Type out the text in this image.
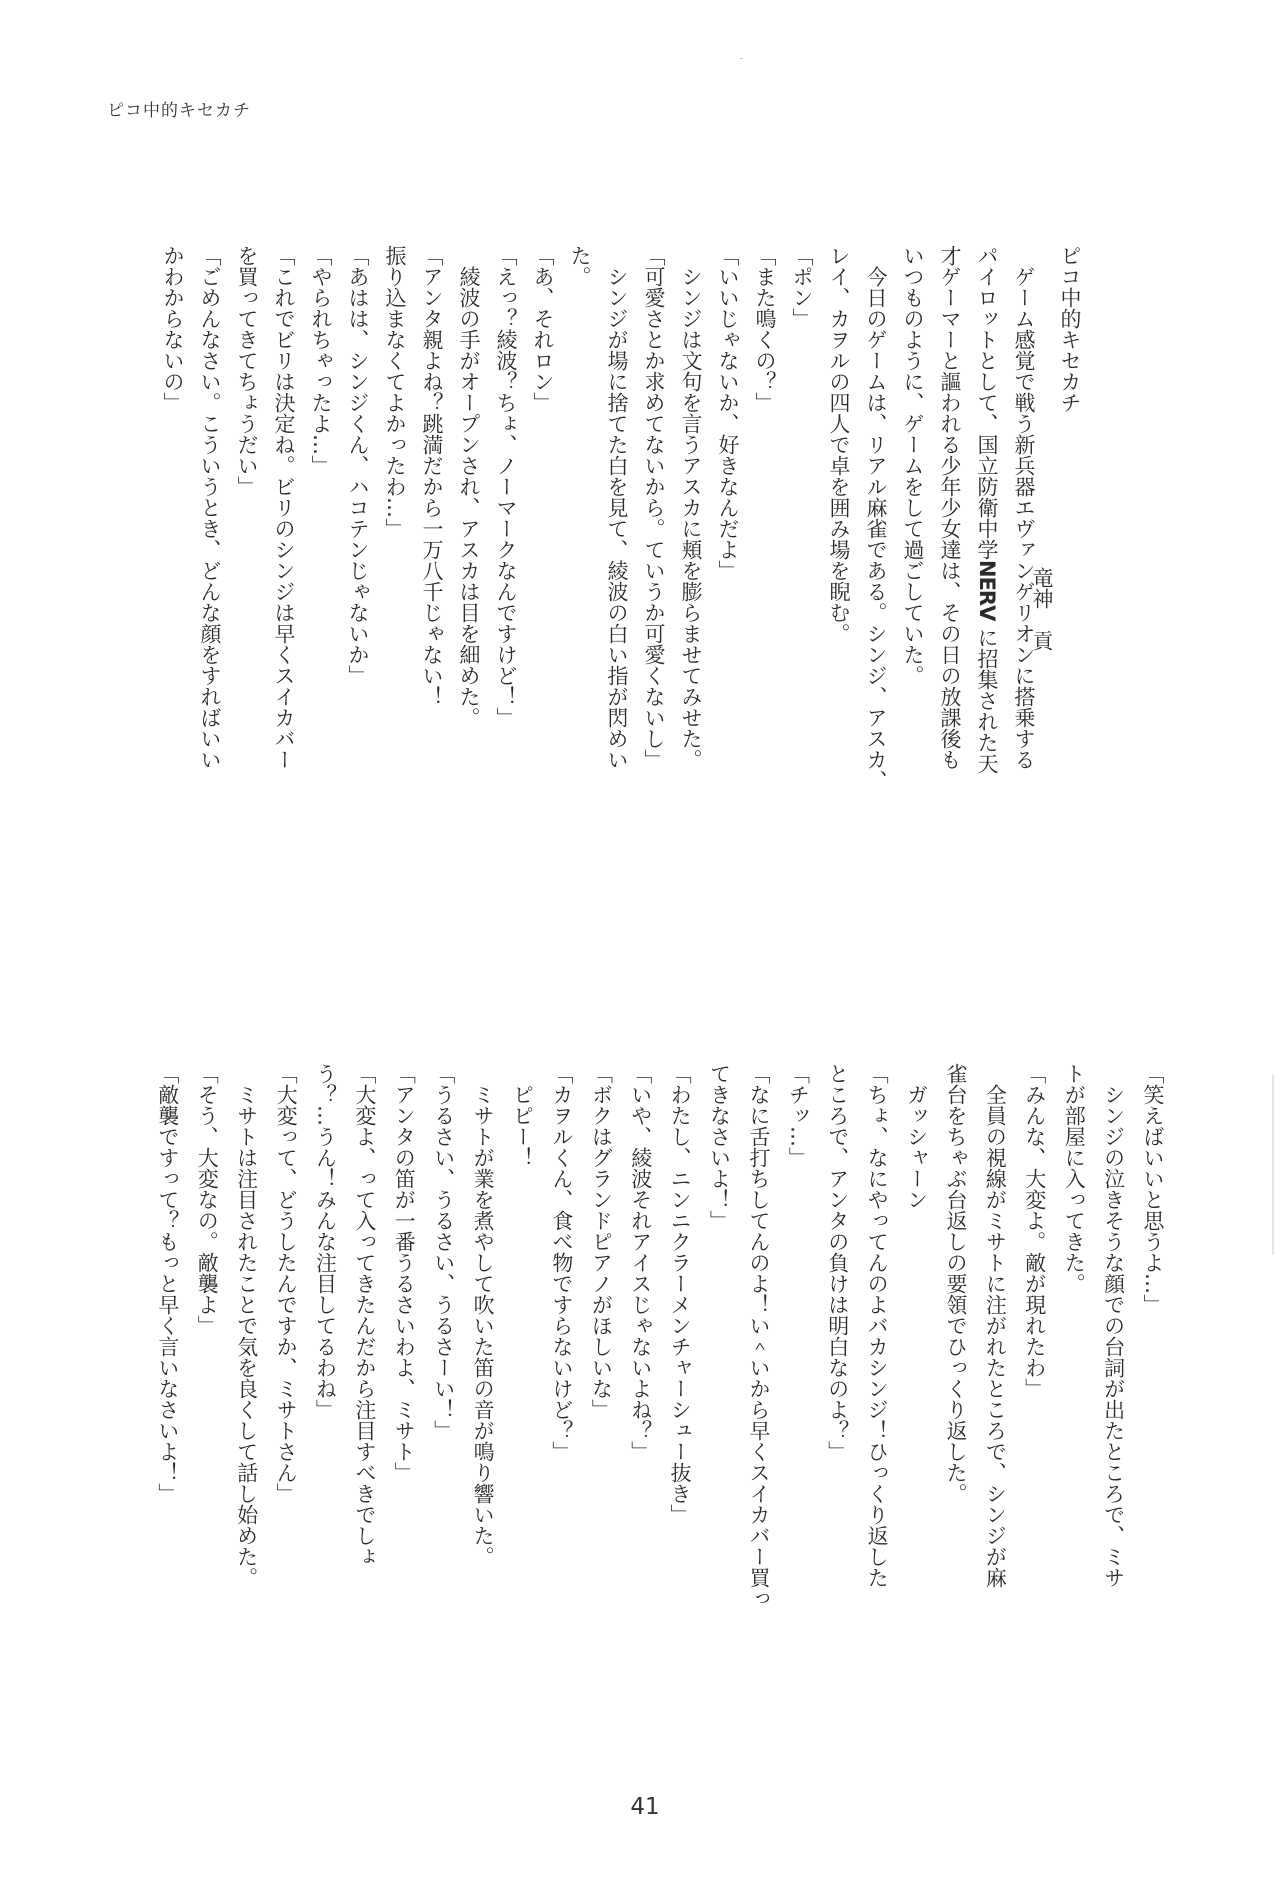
ピコ中的キセカチ

ピコ中的キセカチ

竜神貢

　ゲーム感覚で戦う新兵器エヴァンゲリオンに搭乗する
パイロットとして、国立防衛中学NERV に招集された天
才ゲーマーと謳われる少年少女達は、その日の放課後も
いつものように、ゲームをして過ごしていた。
　今日のゲームは、リアル麻雀である。シンジ、アスカ、
レイ、カヲルの四人で卓を囲み場を睨む。
「ポン」
「また鳴くの？」
「いいじゃないか、好きなんだよ」
　シンジは文句を言うアスカに頬を膨らませてみせた。
「可愛さとか求めてないから。ていうか可愛くないし」
　シンジが場に捨てた白を見て、綾波の白い指が閃めい
た。
「あ、それロン」
「えっ？綾波？ちょ、ノーマークなんですけど！」
　綾波の手がオープンされ、アスカは目を細めた。
「アンタ親よね？跳満だから一万八千じゃない！
振り込まなくてよかったわ…」
「あはは、シンジくん、ハコテンじゃないか」
「やられちゃったよ…」
「これでビリは決定ね。ビリのシンジは早くスイカバー
を買ってきてちょうだい」
「ごめんなさい。こういうとき、どんな顔をすればいい
かわからないの」
「笑えばいいと思うよ…」
　シンジの泣きそうな顔での台詞が出たところで、ミサ
トが部屋に入ってきた。
「みんな、大変よ。敵が現れたわ」
　全員の視線がミサトに注がれたところで、シンジが麻
雀台をちゃぶ台返しの要領でひっくり返した。
　ガッシャーン
「ちょ、なにやってんのよバカシンジ！ひっくり返した
ところで、アンタの負けは明白なのよ？」
「チッ…」
「なに舌打ちしてんのよ！い＾いから早くスイカバー買っ
てきなさいよ！」
「わたし、ニンニクラーメンチャーシュー抜き」
「いや、綾波それアイスじゃないよね？」
「ボクはグランドピアノがほしいな」
「カヲルくん、食べ物ですらないけど？」
　ピピー！
　ミサトが業を煮やして吹いた笛の音が鳴り響いた。
「うるさい、うるさい、うるさーい！」
「アンタの笛が一番うるさいわよ、ミサト」
「大変よ、って入ってきたんだから注目すべきでしょ
う？…うん！みんな注目してるわね」
「大変って、どうしたんですか、ミサトさん」
　ミサトは注目されたことで気を良くして話し始めた。
「そう、大変なの。敵襲よ」
「敵襲ですって？もっと早く言いなさいよ！」
41
